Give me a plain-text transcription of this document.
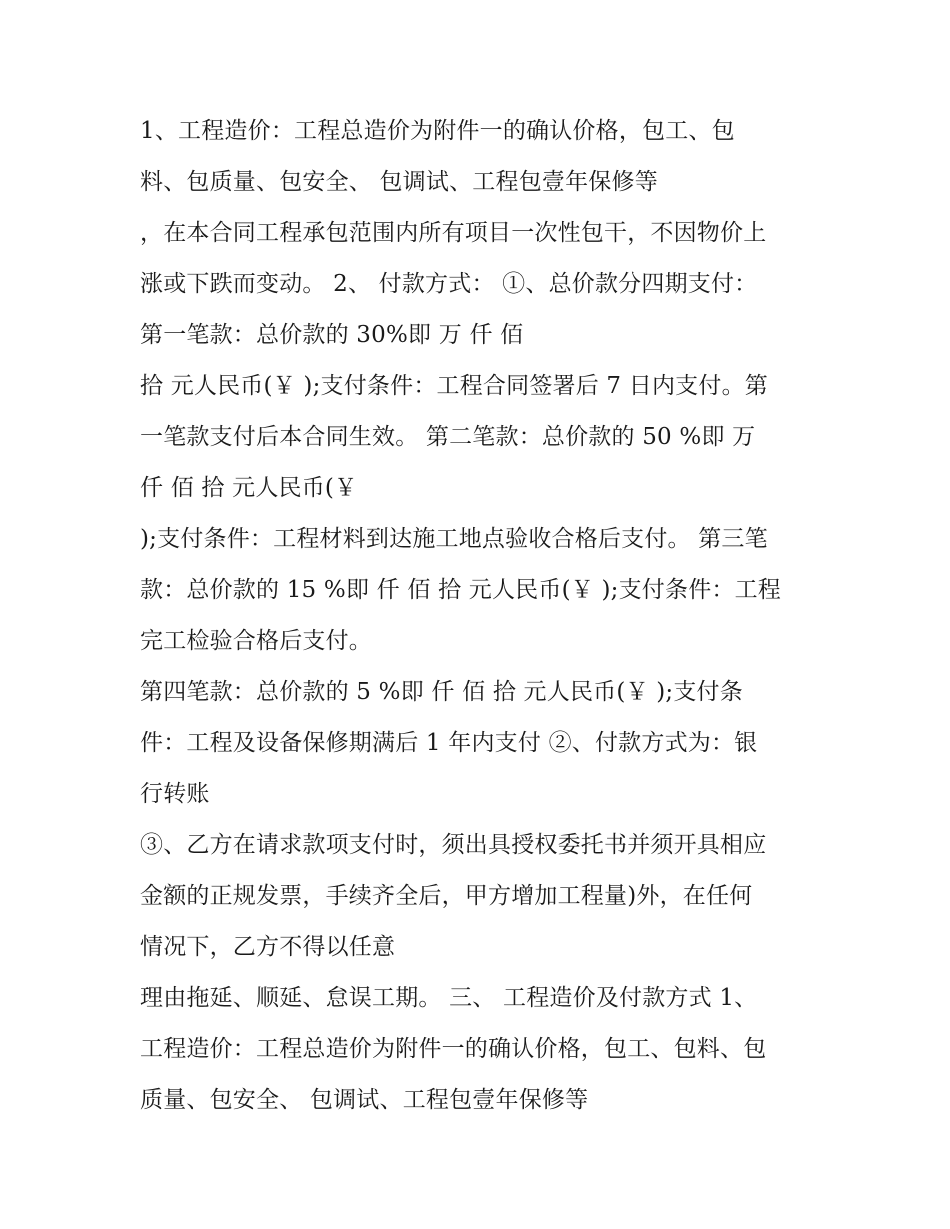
1、工程造价：工程总造价为附件一的确认价格，包工、包
料、包质量、包安全、 包调试、工程包壹年保修等
，在本合同工程承包范围内所有项目一次性包干，不因物价上
涨或下跌而变动。 2、 付款方式： ①、总价款分四期支付：
第一笔款：总价款的 30%即 万 仟 佰
拾 元人民币(￥ );支付条件：工程合同签署后 7 日内支付。第
一笔款支付后本合同生效。 第二笔款：总价款的 50 %即 万
仟 佰 拾 元人民币(￥
);支付条件：工程材料到达施工地点验收合格后支付。 第三笔
款：总价款的 15 %即 仟 佰 拾 元人民币(￥ );支付条件：工程
完工检验合格后支付。
第四笔款：总价款的 5 %即 仟 佰 拾 元人民币(￥ );支付条
件：工程及设备保修期满后 1 年内支付 ②、付款方式为：银
行转账
③、乙方在请求款项支付时，须出具授权委托书并须开具相应
金额的正规发票，手续齐全后，甲方增加工程量)外，在任何
情况下，乙方不得以任意
理由拖延、顺延、怠误工期。 三、 工程造价及付款方式 1、
工程造价：工程总造价为附件一的确认价格，包工、包料、包
质量、包安全、 包调试、工程包壹年保修等
